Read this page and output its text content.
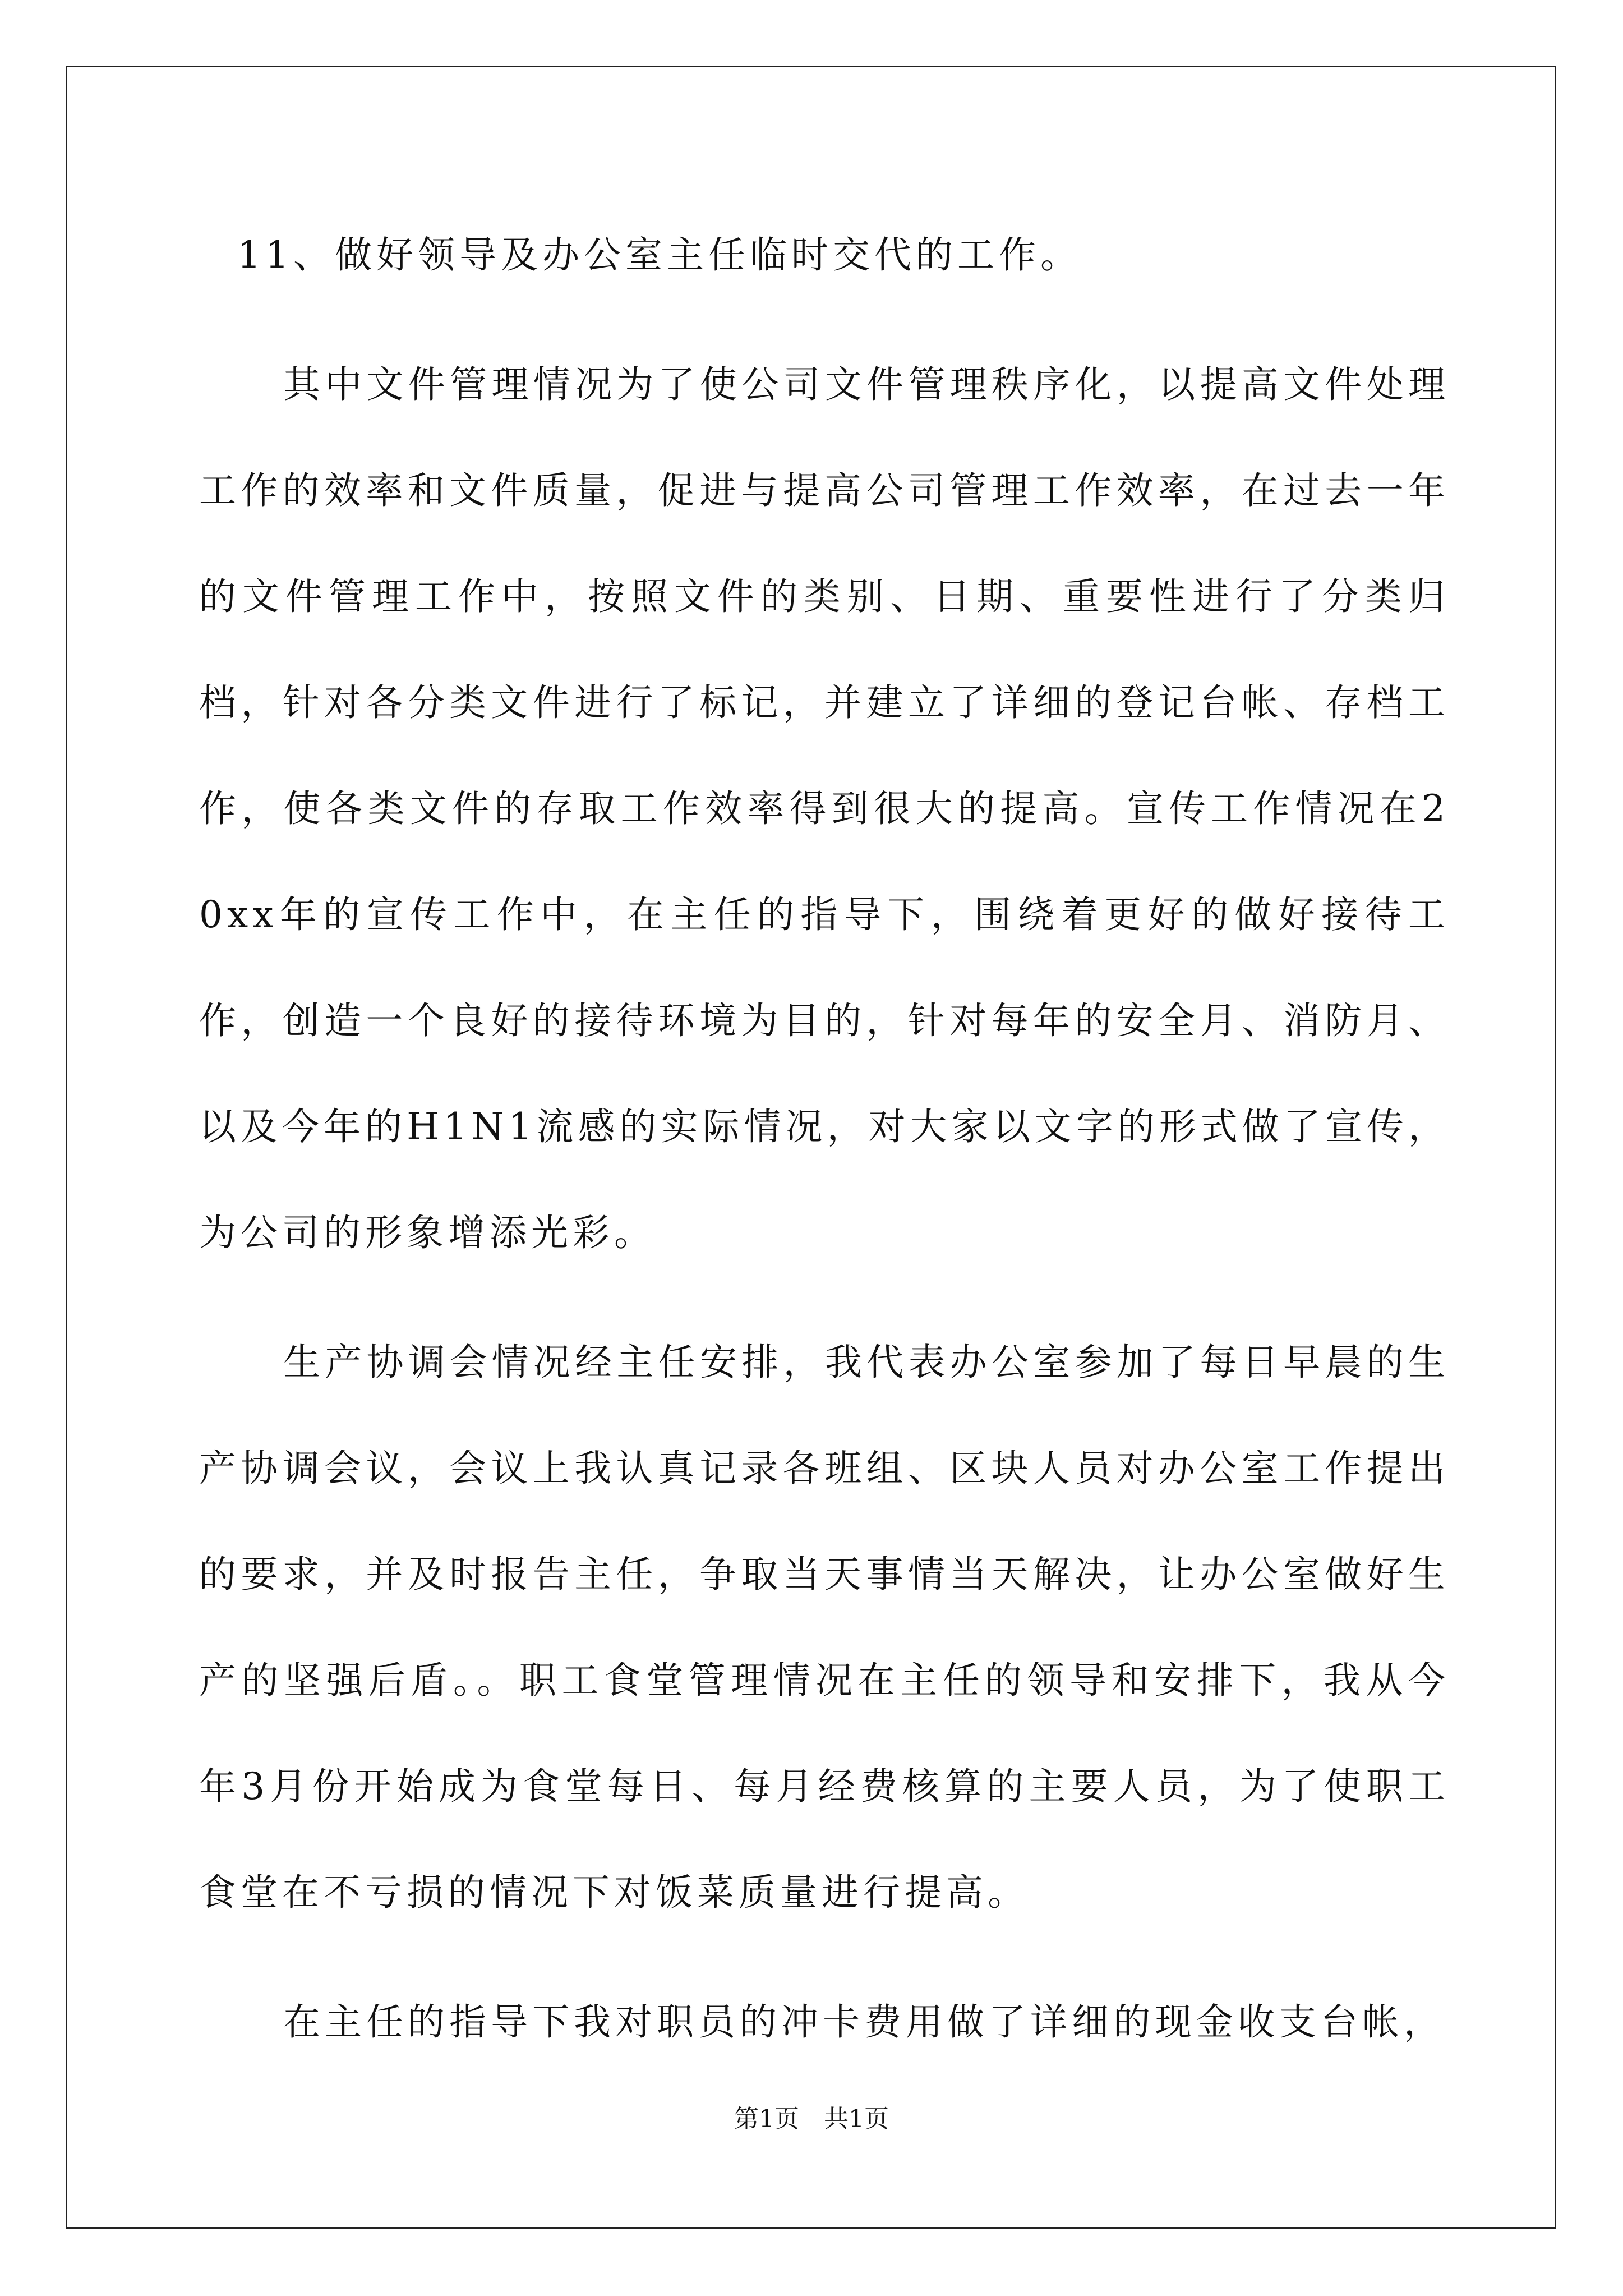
11、做好领导及办公室主任临时交代的工作。

其中文件管理情况为了使公司文件管理秩序化，以提高文件处理工作的效率和文件质量，促进与提高公司管理工作效率，在过去一年的文件管理工作中，按照文件的类别、日期、重要性进行了分类归档，针对各分类文件进行了标记，并建立了详细的登记台帐、存档工作，使各类文件的存取工作效率得到很大的提高。宣传工作情况在20xx年的宣传工作中，在主任的指导下，围绕着更好的做好接待工作，创造一个良好的接待环境为目的，针对每年的安全月、消防月、以及今年的H1N1流感的实际情况，对大家以文字的形式做了宣传，为公司的形象增添光彩。

生产协调会情况经主任安排，我代表办公室参加了每日早晨的生产协调会议，会议上我认真记录各班组、区块人员对办公室工作提出的要求，并及时报告主任，争取当天事情当天解决，让办公室做好生产的坚强后盾。。职工食堂管理情况在主任的领导和安排下，我从今年3月份开始成为食堂每日、每月经费核算的主要人员，为了使职工食堂在不亏损的情况下对饭菜质量进行提高。

在主任的指导下我对职员的冲卡费用做了详细的现金收支台帐，

第1页　共1页
